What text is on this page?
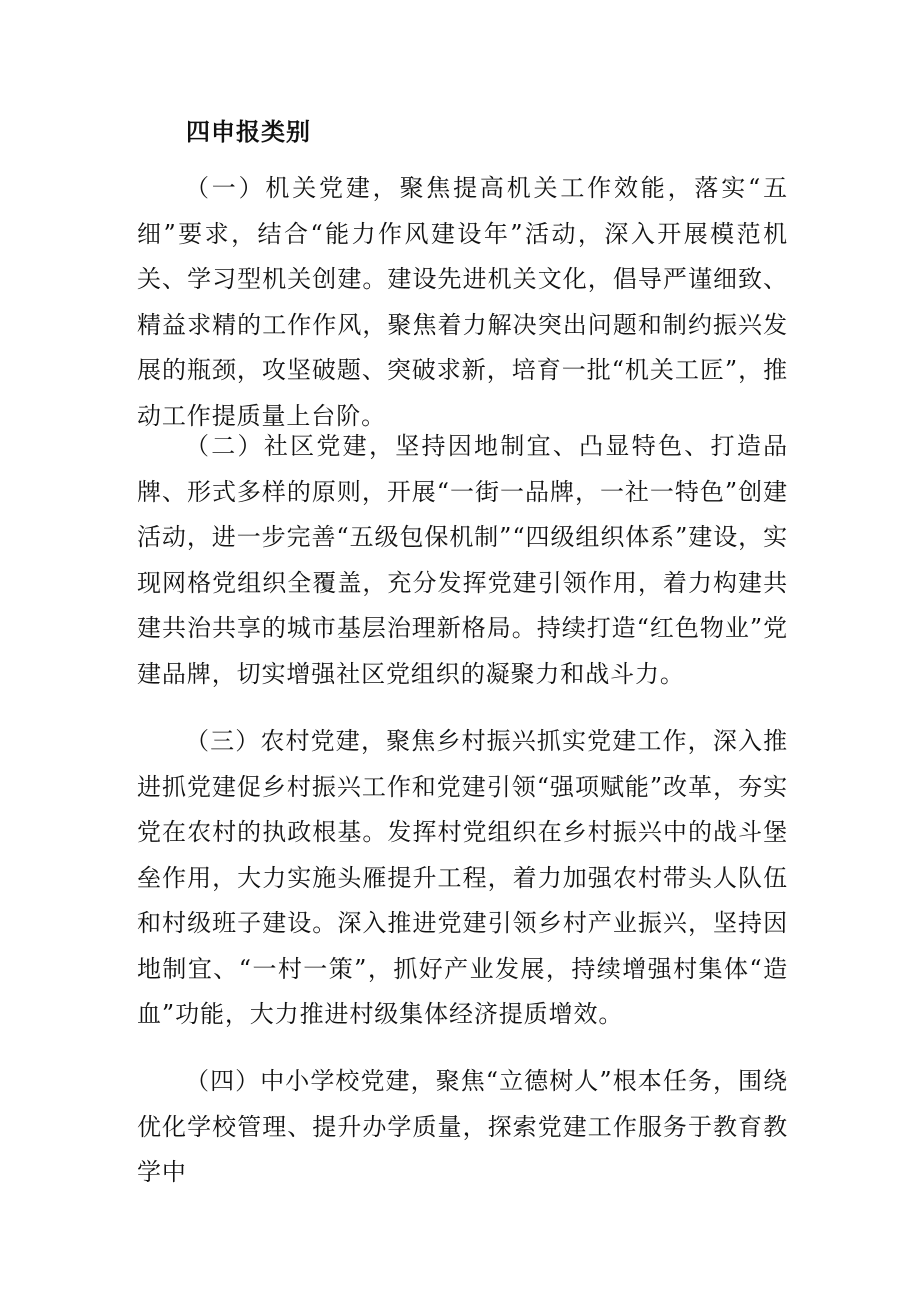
四申报类别

（一）机关党建，聚焦提高机关工作效能，落实“五细”要求，结合“能力作风建设年”活动，深入开展模范机关、学习型机关创建。建设先进机关文化，倡导严谨细致、精益求精的工作作风，聚焦着力解决突出问题和制约振兴发展的瓶颈，攻坚破题、突破求新，培育一批“机关工匠”，推动工作提质量上台阶。

（二）社区党建，坚持因地制宜、凸显特色、打造品牌、形式多样的原则，开展“一街一品牌，一社一特色”创建活动，进一步完善“五级包保机制”“四级组织体系”建设，实现网格党组织全覆盖，充分发挥党建引领作用，着力构建共建共治共享的城市基层治理新格局。持续打造“红色物业”党建品牌，切实增强社区党组织的凝聚力和战斗力。

（三）农村党建，聚焦乡村振兴抓实党建工作，深入推进抓党建促乡村振兴工作和党建引领“强项赋能”改革，夯实党在农村的执政根基。发挥村党组织在乡村振兴中的战斗堡垒作用，大力实施头雁提升工程，着力加强农村带头人队伍和村级班子建设。深入推进党建引领乡村产业振兴，坚持因地制宜、“一村一策”，抓好产业发展，持续增强村集体“造血”功能，大力推进村级集体经济提质增效。

（四）中小学校党建，聚焦“立德树人”根本任务，围绕优化学校管理、提升办学质量，探索党建工作服务于教育教学中
